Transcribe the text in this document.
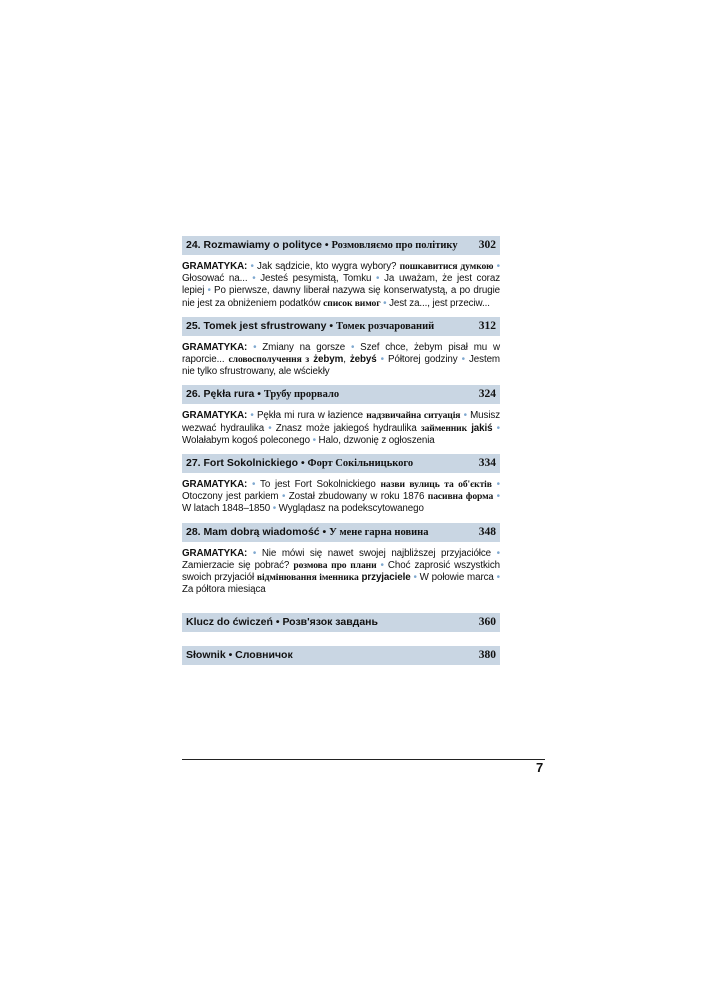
24. Rozmawiamy o polityce • Розмовляємо про політику 302
GRAMATYKA: • Jak sądzicie, kto wygra wybory? пошкавитися думкою • Głosować na... • Jesteś pesymistą, Tomku • Ja uważam, że jest coraz lepiej • Po pierwsze, dawny liberał nazywa się konserwatystą, a po drugie nie jest za obniżeniem podatków список вимог • Jest za..., jest przeciw...
25. Tomek jest sfrustrowany • Томек розчарований	312
GRAMATYKA: • Zmiany na gorsze • Szef chce, żebym pisał mu w raporcie... словосполучення з żebym, żebyś • Półtorej godziny • Jestem nie tylko sfrustrowany, ale wściekły
26. Pękła rura • Трубу прорвало	324
GRAMATYKA: • Pękła mi rura w łazience надзвичайна ситуація • Musisz wezwać hydraulika • Znasz może jakiegoś hydraulika займенник jakiś • Wolałabym kogoś poleconego • Halo, dzwonię z ogłoszenia
27. Fort Sokolnickiego • Форт Сокільницького	334
GRAMATYKA: • To jest Fort Sokolnickiego назви вулиць та об'єктів • Otoczony jest parkiem • Został zbudowany w roku 1876 пасивна форма • W latach 1848–1850 • Wyglądasz na podekscytowanego
28. Mam dobrą wiadomość • У мене гарна новина	348
GRAMATYKA: • Nie mówi się nawet swojej najbliższej przyjaciółce • Zamierzacie się pobrać? розмова про плани • Choć zaprosić wszystkich swoich przyjaciół відмінювання іменника przyjaciele • W połowie marca • Za półtora miesiąca
Klucz do ćwiczeń • Розв'язок завдань	360
Słownik • Словничок	380
7
